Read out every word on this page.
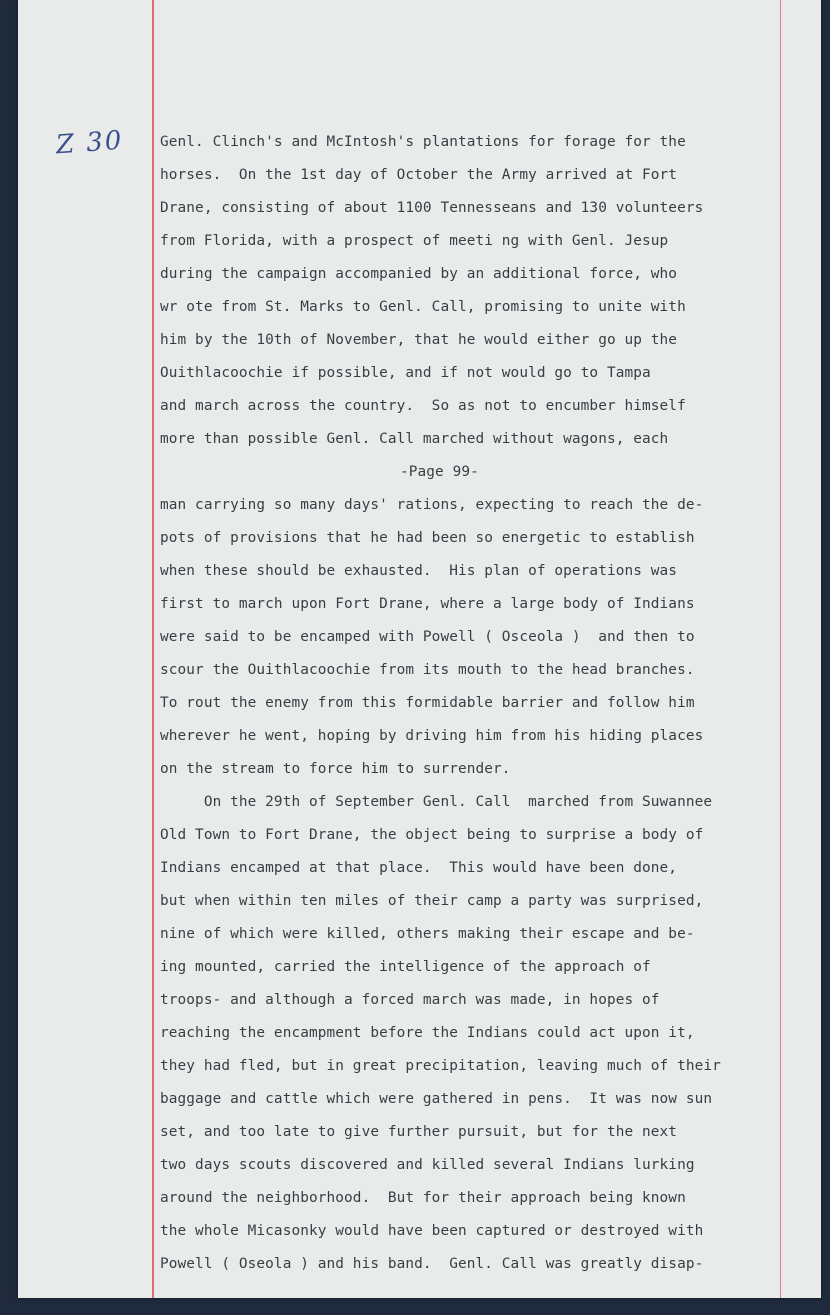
Z 30 Genl. Clinch's and McIntosh's plantations for forage for the
horses.  On the 1st day of October the Army arrived at Fort
Drane, consisting of about 1100 Tennesseans and 130 volunteers
from Florida, with a prospect of meeti ng with Genl. Jesup
during the campaign accompanied by an additional force, who
wr ote from St. Marks to Genl. Call, promising to unite with
him by the 10th of November, that he would either go up the
Ouithlacoochie if possible, and if not would go to Tampa
and march across the country.  So as not to encumber himself
more than possible Genl. Call marched without wagons, each
-Page 99-
man carrying so many days' rations, expecting to reach the de-
pots of provisions that he had been so energetic to establish
when these should be exhausted.  His plan of operations was
first to march upon Fort Drane, where a large body of Indians
were said to be encamped with Powell ( Osceola )  and then to
scour the Ouithlacoochie from its mouth to the head branches.
To rout the enemy from this formidable barrier and follow him
wherever he went, hoping by driving him from his hiding places
on the stream to force him to surrender.
On the 29th of September Genl. Call  marched from Suwannee
Old Town to Fort Drane, the object being to surprise a body of
Indians encamped at that place.  This would have been done,
but when within ten miles of their camp a party was surprised,
nine of which were killed, others making their escape and be-
ing mounted, carried the intelligence of the approach of
troops- and although a forced march was made, in hopes of
reaching the encampment before the Indians could act upon it,
they had fled, but in great precipitation, leaving much of their
baggage and cattle which were gathered in pens.  It was now sun
set, and too late to give further pursuit, but for the next
two days scouts discovered and killed several Indians lurking
around the neighborhood.  But for their approach being known
the whole Micasonky would have been captured or destroyed with
Powell ( Oseola ) and his band.  Genl. Call was greatly disap-
